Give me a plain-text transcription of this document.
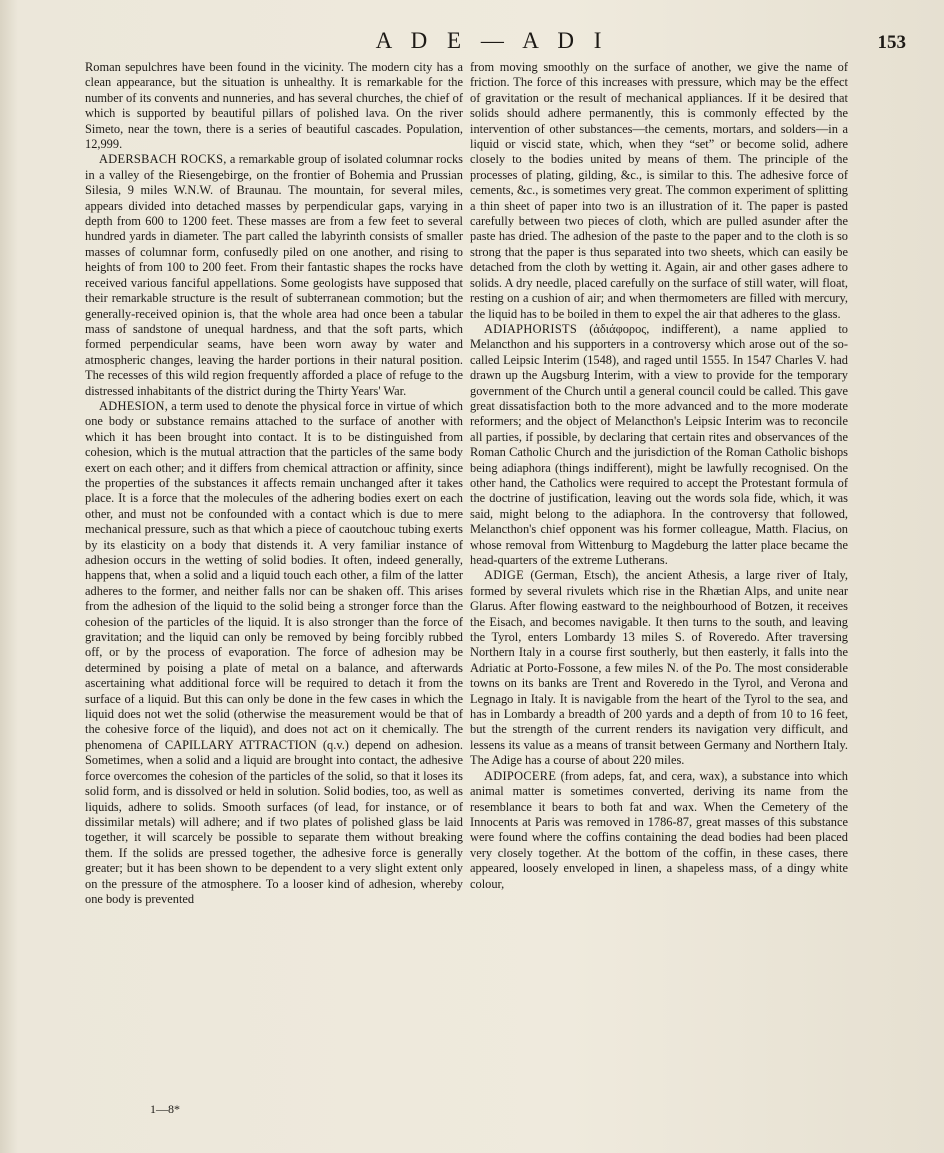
A D E — A D I	153

Roman sepulchres have been found in the vicinity. The modern city has a clean appearance, but the situation is unhealthy. It is remarkable for the number of its convents and nunneries, and has several churches, the chief of which is supported by beautiful pillars of polished lava. On the river Simeto, near the town, there is a series of beautiful cascades. Population, 12,999.

ADERSBACH ROCKS, a remarkable group of isolated columnar rocks in a valley of the Riesengebirge, on the frontier of Bohemia and Prussian Silesia, 9 miles W.N.W. of Braunau. The mountain, for several miles, appears divided into detached masses by perpendicular gaps, varying in depth from 600 to 1200 feet. These masses are from a few feet to several hundred yards in diameter. The part called the labyrinth consists of smaller masses of columnar form, confusedly piled on one another, and rising to heights of from 100 to 200 feet. From their fantastic shapes the rocks have received various fanciful appellations. Some geologists have supposed that their remarkable structure is the result of subterranean commotion; but the generally-received opinion is, that the whole area had once been a tabular mass of sandstone of unequal hardness, and that the soft parts, which formed perpendicular seams, have been worn away by water and atmospheric changes, leaving the harder portions in their natural position. The recesses of this wild region frequently afforded a place of refuge to the distressed inhabitants of the district during the Thirty Years' War.

ADHESION, a term used to denote the physical force in virtue of which one body or substance remains attached to the surface of another with which it has been brought into contact. It is to be distinguished from cohesion, which is the mutual attraction that the particles of the same body exert on each other; and it differs from chemical attraction or affinity, since the properties of the substances it affects remain unchanged after it takes place. It is a force that the molecules of the adhering bodies exert on each other, and must not be confounded with a contact which is due to mere mechanical pressure, such as that which a piece of caoutchouc tubing exerts by its elasticity on a body that distends it. A very familiar instance of adhesion occurs in the wetting of solid bodies. It often, indeed generally, happens that, when a solid and a liquid touch each other, a film of the latter adheres to the former, and neither falls nor can be shaken off. This arises from the adhesion of the liquid to the solid being a stronger force than the cohesion of the particles of the liquid. It is also stronger than the force of gravitation; and the liquid can only be removed by being forcibly rubbed off, or by the process of evaporation. The force of adhesion may be determined by poising a plate of metal on a balance, and afterwards ascertaining what additional force will be required to detach it from the surface of a liquid. But this can only be done in the few cases in which the liquid does not wet the solid (otherwise the measurement would be that of the cohesive force of the liquid), and does not act on it chemically. The phenomena of CAPILLARY ATTRACTION (q.v.) depend on adhesion. Sometimes, when a solid and a liquid are brought into contact, the adhesive force overcomes the cohesion of the particles of the solid, so that it loses its solid form, and is dissolved or held in solution. Solid bodies, too, as well as liquids, adhere to solids. Smooth surfaces (of lead, for instance, or of dissimilar metals) will adhere; and if two plates of polished glass be laid together, it will scarcely be possible to separate them without breaking them. If the solids are pressed together, the adhesive force is generally greater; but it has been shown to be dependent to a very slight extent only on the pressure of the atmosphere. To a looser kind of adhesion, whereby one body is prevented

from moving smoothly on the surface of another, we give the name of friction. The force of this increases with pressure, which may be the effect of gravitation or the result of mechanical appliances. If it be desired that solids should adhere permanently, this is commonly effected by the intervention of other substances—the cements, mortars, and solders—in a liquid or viscid state, which, when they “set” or become solid, adhere closely to the bodies united by means of them. The principle of the processes of plating, gilding, &c., is similar to this. The adhesive force of cements, &c., is sometimes very great. The common experiment of splitting a thin sheet of paper into two is an illustration of it. The paper is pasted carefully between two pieces of cloth, which are pulled asunder after the paste has dried. The adhesion of the paste to the paper and to the cloth is so strong that the paper is thus separated into two sheets, which can easily be detached from the cloth by wetting it. Again, air and other gases adhere to solids. A dry needle, placed carefully on the surface of still water, will float, resting on a cushion of air; and when thermometers are filled with mercury, the liquid has to be boiled in them to expel the air that adheres to the glass.

ADIAPHORISTS (ἀδιάφορος, indifferent), a name applied to Melancthon and his supporters in a controversy which arose out of the so-called Leipsic Interim (1548), and raged until 1555. In 1547 Charles V. had drawn up the Augsburg Interim, with a view to provide for the temporary government of the Church until a general council could be called. This gave great dissatisfaction both to the more advanced and to the more moderate reformers; and the object of Melancthon's Leipsic Interim was to reconcile all parties, if possible, by declaring that certain rites and observances of the Roman Catholic Church and the jurisdiction of the Roman Catholic bishops being adiaphora (things indifferent), might be lawfully recognised. On the other hand, the Catholics were required to accept the Protestant formula of the doctrine of justification, leaving out the words sola fide, which, it was said, might belong to the adiaphora. In the controversy that followed, Melancthon's chief opponent was his former colleague, Matth. Flacius, on whose removal from Wittenburg to Magdeburg the latter place became the head-quarters of the extreme Lutherans.

ADIGE (German, Etsch), the ancient Athesis, a large river of Italy, formed by several rivulets which rise in the Rhætian Alps, and unite near Glarus. After flowing eastward to the neighbourhood of Botzen, it receives the Eisach, and becomes navigable. It then turns to the south, and leaving the Tyrol, enters Lombardy 13 miles S. of Roveredo. After traversing Northern Italy in a course first southerly, but then easterly, it falls into the Adriatic at Porto-Fossone, a few miles N. of the Po. The most considerable towns on its banks are Trent and Roveredo in the Tyrol, and Verona and Legnago in Italy. It is navigable from the heart of the Tyrol to the sea, and has in Lombardy a breadth of 200 yards and a depth of from 10 to 16 feet, but the strength of the current renders its navigation very difficult, and lessens its value as a means of transit between Germany and Northern Italy. The Adige has a course of about 220 miles.

ADIPOCERE (from adeps, fat, and cera, wax), a substance into which animal matter is sometimes converted, deriving its name from the resemblance it bears to both fat and wax. When the Cemetery of the Innocents at Paris was removed in 1786-87, great masses of this substance were found where the coffins containing the dead bodies had been placed very closely together. At the bottom of the coffin, in these cases, there appeared, loosely enveloped in linen, a shapeless mass, of a dingy white colour,

1—8*
